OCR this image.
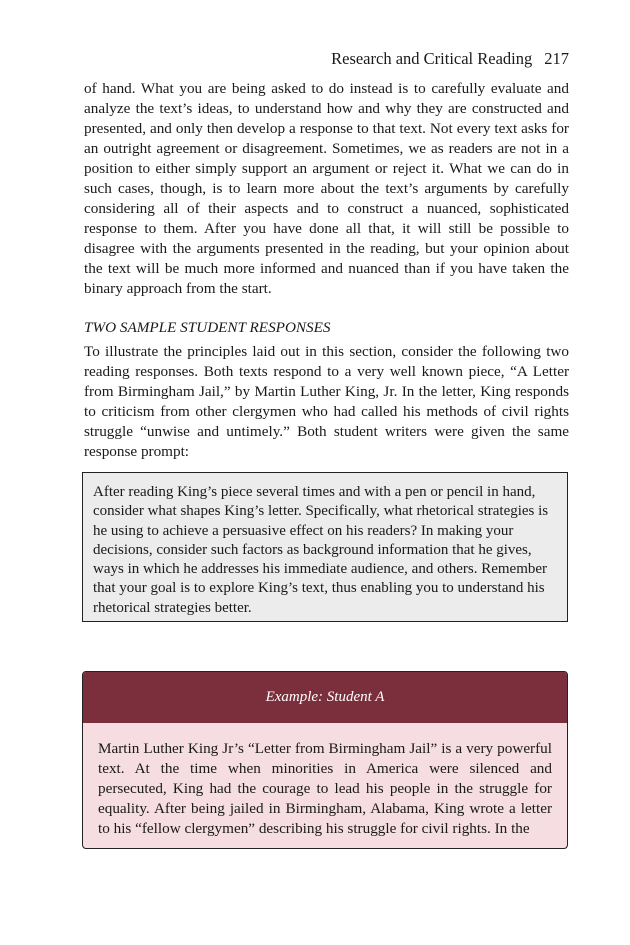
Research and Critical Reading 217

of hand. What you are being asked to do instead is to carefully evaluate and analyze the text’s ideas, to understand how and why they are constructed and presented, and only then develop a response to that text. Not every text asks for an outright agreement or disagreement. Sometimes, we as readers are not in a position to either simply support an argument or reject it. What we can do in such cases, though, is to learn more about the text’s arguments by carefully considering all of their aspects and to construct a nuanced, sophisticated response to them. After you have done all that, it will still be possible to disagree with the arguments presented in the reading, but your opinion about the text will be much more informed and nuanced than if you have taken the binary approach from the start.

TWO SAMPLE STUDENT RESPONSES

To illustrate the principles laid out in this section, consider the following two reading responses. Both texts respond to a very well known piece, “A Letter from Birmingham Jail,” by Martin Luther King, Jr. In the letter, King responds to criticism from other clergymen who had called his methods of civil rights struggle “unwise and untimely.” Both student writers were given the same response prompt:

After reading King’s piece several times and with a pen or pencil in hand, consider what shapes King’s letter. Specifically, what rhetorical strategies is he using to achieve a persuasive effect on his readers? In making your decisions, consider such factors as background information that he gives, ways in which he addresses his immediate audience, and others. Remember that your goal is to explore King’s text, thus enabling you to understand his rhetorical strategies better.

Example: Student A

Martin Luther King Jr’s “Letter from Birmingham Jail” is a very powerful text. At the time when minorities in America were silenced and persecuted, King had the courage to lead his people in the struggle for equality. After being jailed in Birmingham, Alabama, King wrote a letter to his “fellow clergymen” describing his struggle for civil rights. In the
